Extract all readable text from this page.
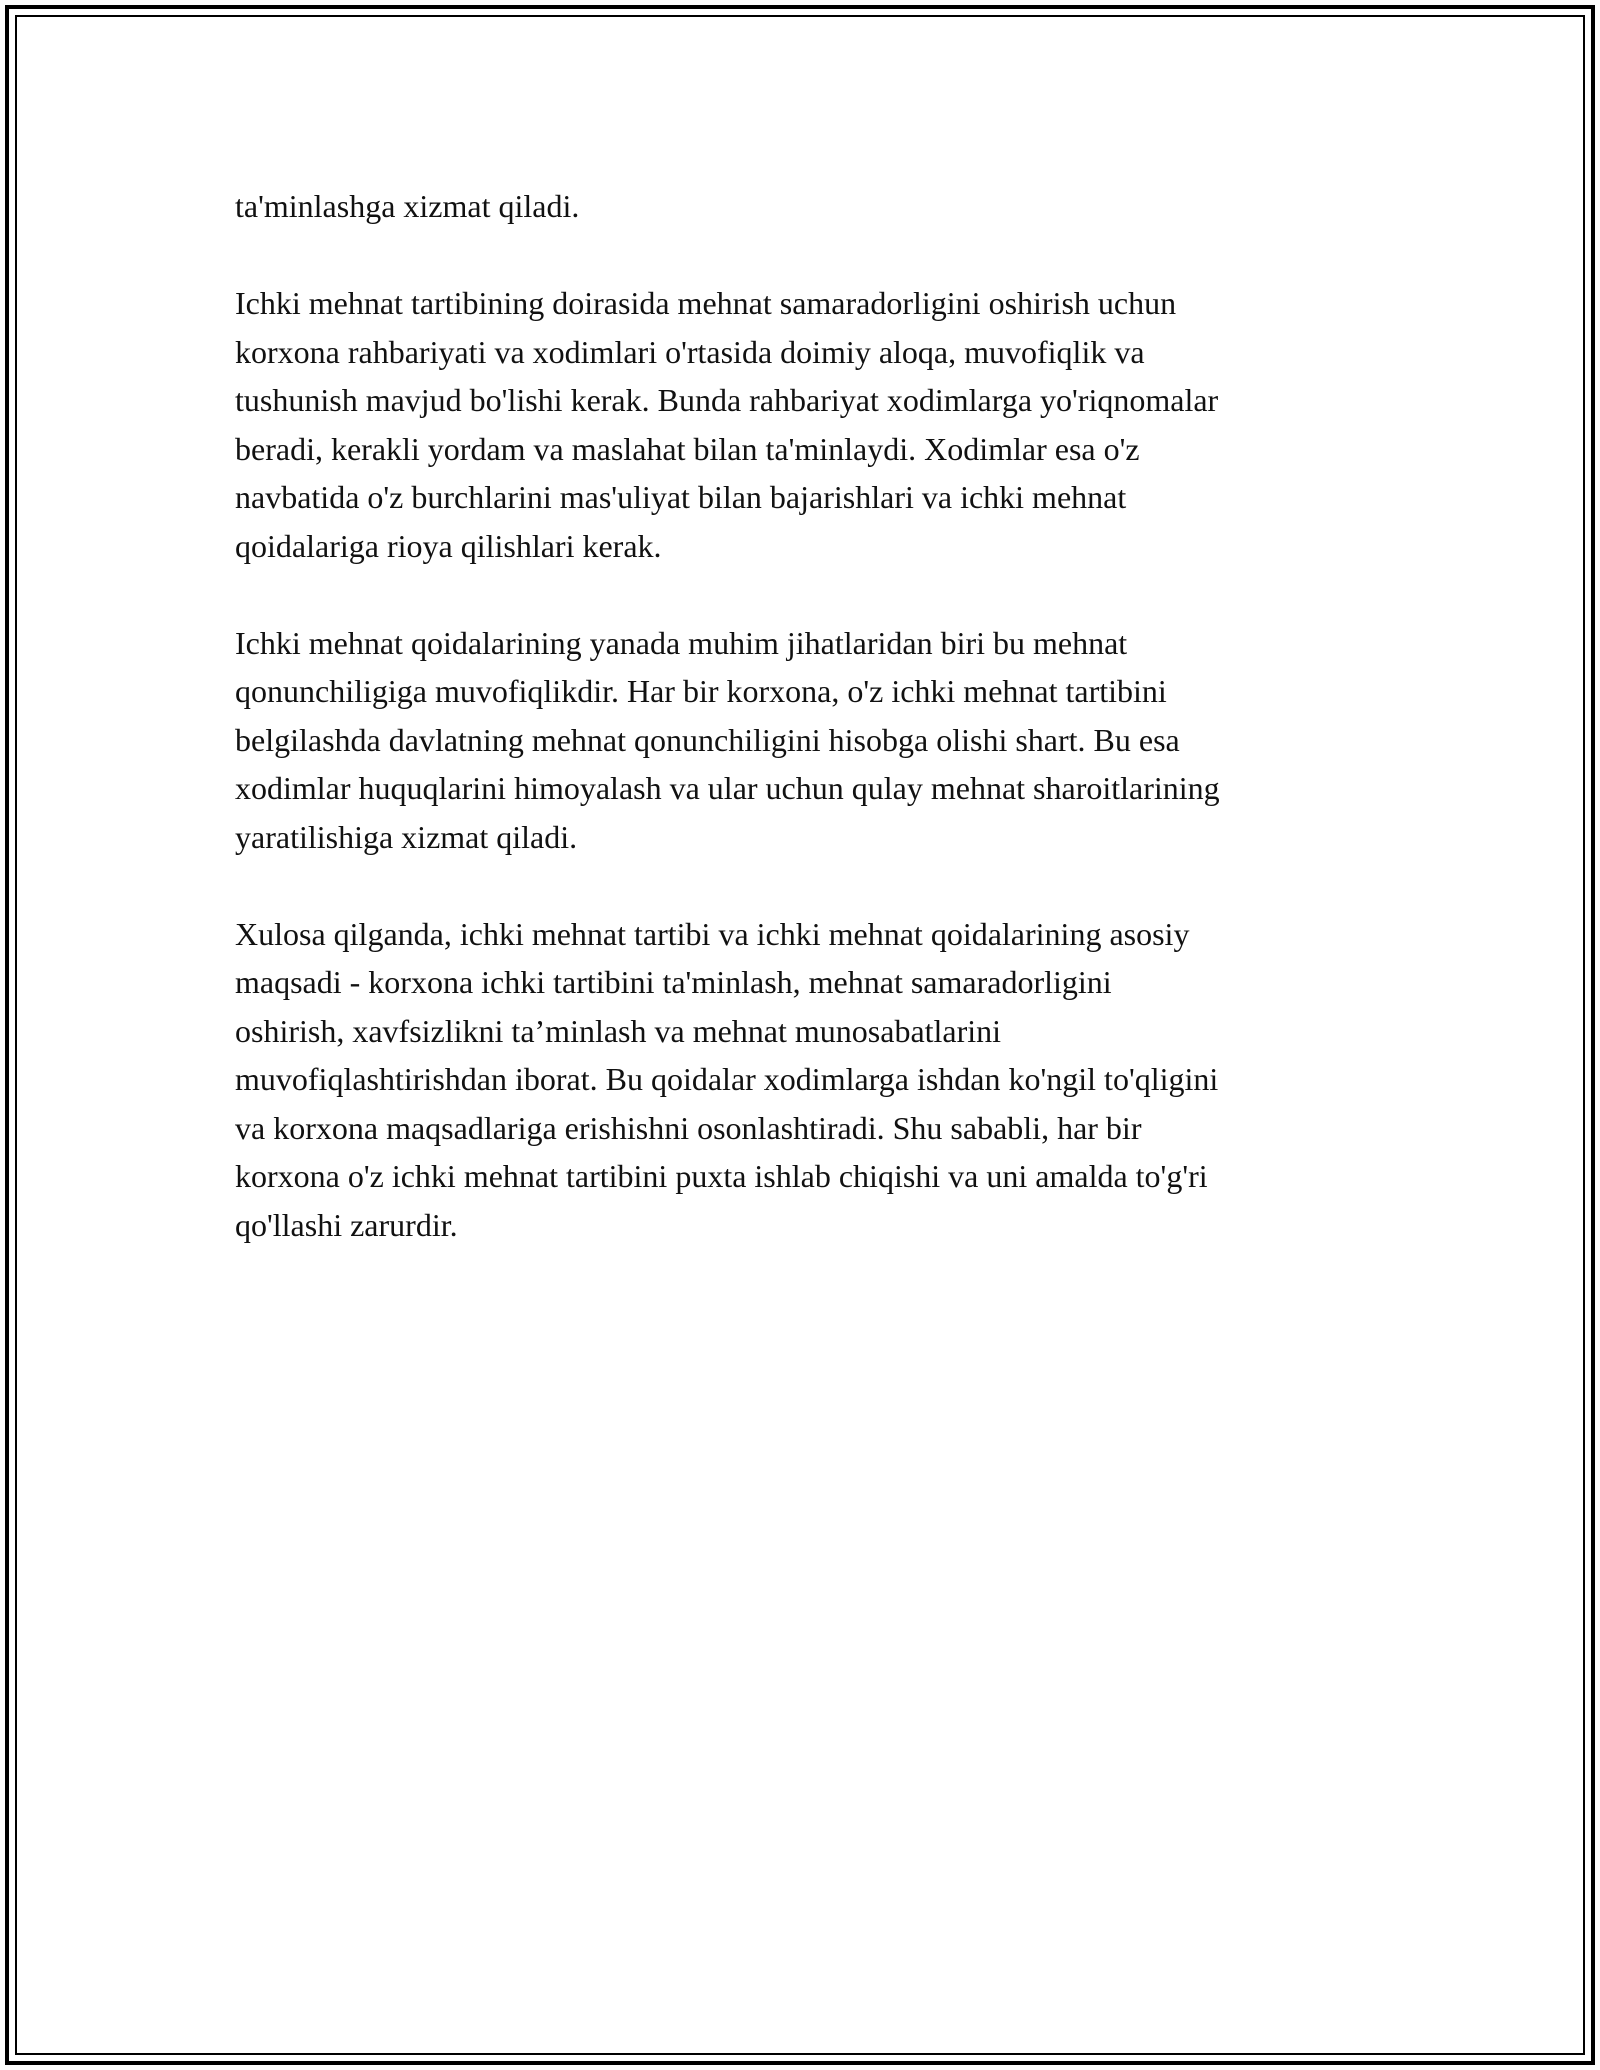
ta'minlashga xizmat qiladi.

Ichki mehnat tartibining doirasida mehnat samaradorligini oshirish uchun
korxona rahbariyati va xodimlari o'rtasida doimiy aloqa, muvofiqlik va
tushunish mavjud bo'lishi kerak. Bunda rahbariyat xodimlarga yo'riqnomalar
beradi, kerakli yordam va maslahat bilan ta'minlaydi. Xodimlar esa o'z
navbatida o'z burchlarini mas'uliyat bilan bajarishlari va ichki mehnat
qoidalariga rioya qilishlari kerak.

Ichki mehnat qoidalarining yanada muhim jihatlaridan biri bu mehnat
qonunchiligiga muvofiqlikdir. Har bir korxona, o'z ichki mehnat tartibini
belgilashda davlatning mehnat qonunchiligini hisobga olishi shart. Bu esa
xodimlar huquqlarini himoyalash va ular uchun qulay mehnat sharoitlarining
yaratilishiga xizmat qiladi.

Xulosa qilganda, ichki mehnat tartibi va ichki mehnat qoidalarining asosiy
maqsadi - korxona ichki tartibini ta'minlash, mehnat samaradorligini
oshirish, xavfsizlikni ta’minlash va mehnat munosabatlarini
muvofiqlashtirishdan iborat. Bu qoidalar xodimlarga ishdan ko'ngil to'qligini
va korxona maqsadlariga erishishni osonlashtiradi. Shu sababli, har bir
korxona o'z ichki mehnat tartibini puxta ishlab chiqishi va uni amalda to'g'ri
qo'llashi zarurdir.
